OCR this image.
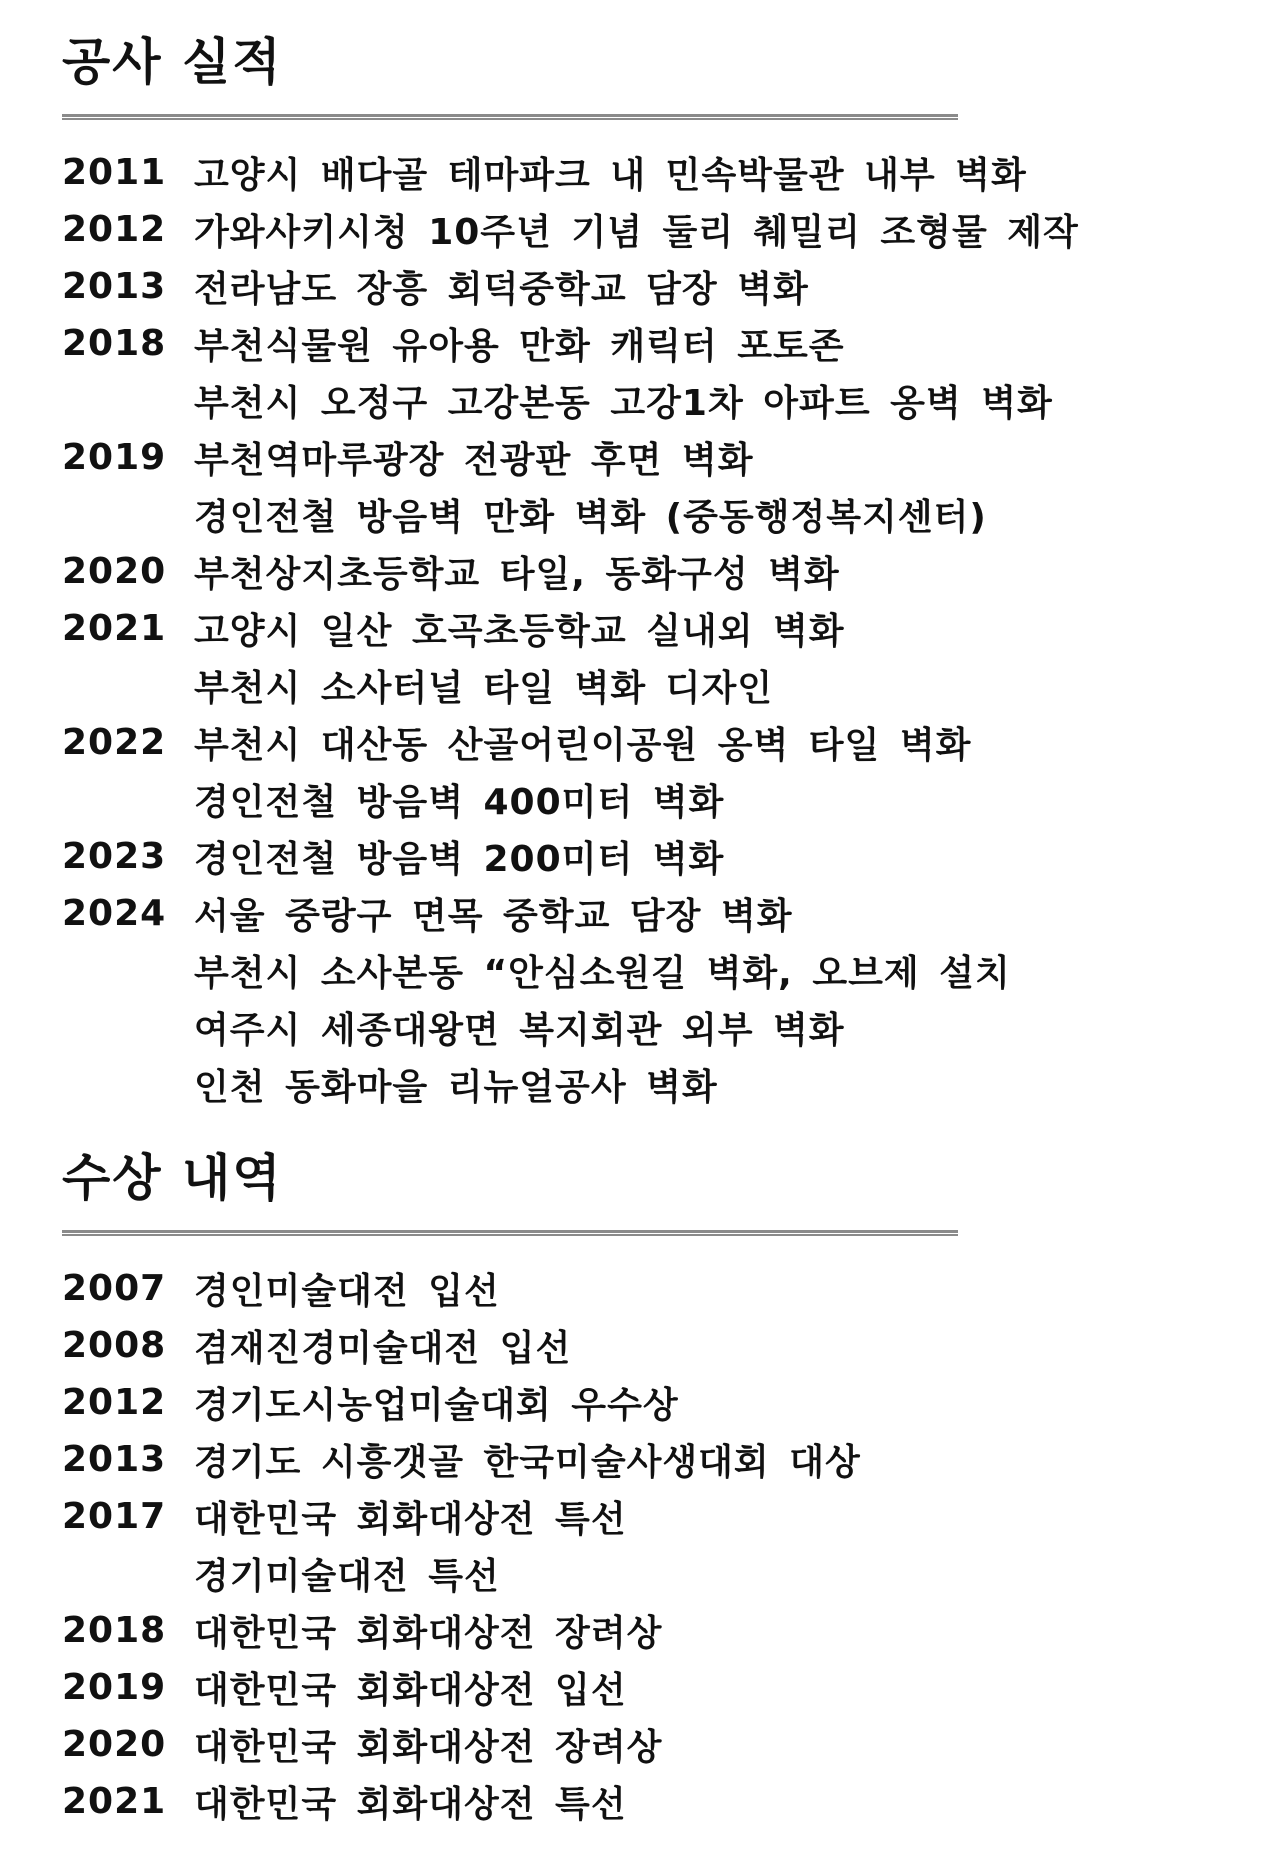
공사 실적
2011 고양시 배다골 테마파크 내 민속박물관 내부 벽화
2012 가와사키시청 10주년 기념 둘리 췌밀리 조형물 제작
2013 전라남도 장흥 회덕중학교 담장 벽화
2018 부천식물원 유아용 만화 캐릭터 포토존
부천시 오정구 고강본동 고강1차 아파트 옹벽 벽화
2019 부천역마루광장 전광판 후면 벽화
경인전철 방음벽 만화 벽화 (중동행정복지센터)
2020 부천상지초등학교 타일, 동화구성 벽화
2021 고양시 일산 호곡초등학교 실내외 벽화
부천시 소사터널 타일 벽화 디자인
2022 부천시 대산동 산골어린이공원 옹벽 타일 벽화
경인전철 방음벽 400미터 벽화
2023 경인전철 방음벽 200미터 벽화
2024 서울 중랑구 면목 중학교 담장 벽화
부천시 소사본동 “안심소원길 벽화, 오브제 설치
여주시 세종대왕면 복지회관 외부 벽화
인천 동화마을 리뉴얼공사 벽화
수상 내역
2007 경인미술대전 입선
2008 겸재진경미술대전 입선
2012 경기도시농업미술대회 우수상
2013 경기도 시흥갯골 한국미술사생대회 대상
2017 대한민국 회화대상전 특선
경기미술대전 특선
2018 대한민국 회화대상전 장려상
2019 대한민국 회화대상전 입선
2020 대한민국 회화대상전 장려상
2021 대한민국 회화대상전 특선
